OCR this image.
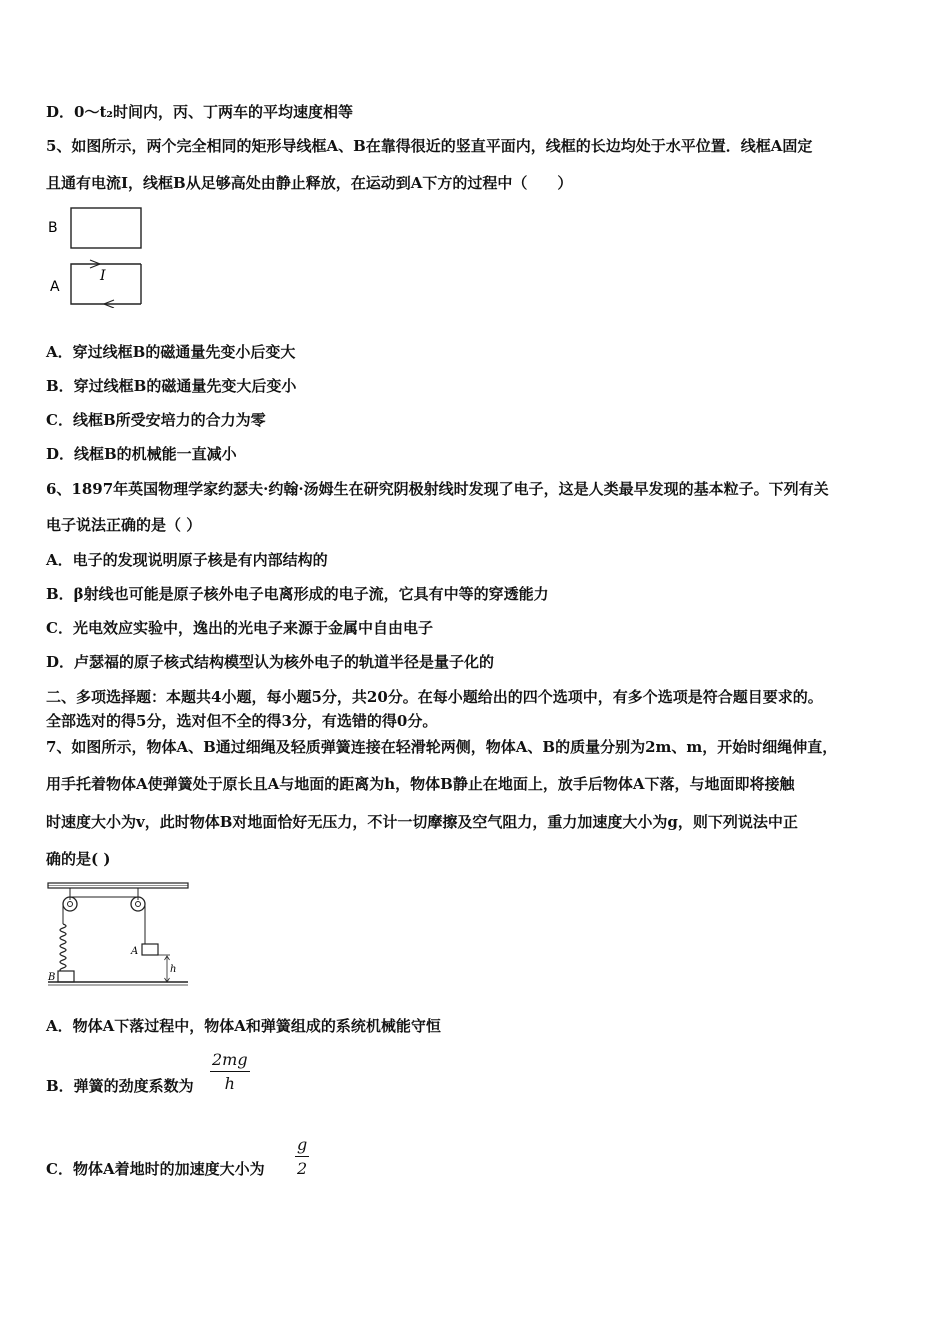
D．0～t₂时间内，丙、丁两车的平均速度相等
5、如图所示，两个完全相同的矩形导线框A、B在靠得很近的竖直平面内，线框的长边均处于水平位置．线框A固定
且通有电流I，线框B从足够高处由静止释放，在运动到A下方的过程中（　　）
B
A
I
A．穿过线框B的磁通量先变小后变大
B．穿过线框B的磁通量先变大后变小
C．线框B所受安培力的合力为零
D．线框B的机械能一直减小
6、1897年英国物理学家约瑟夫·约翰·汤姆生在研究阴极射线时发现了电子，这是人类最早发现的基本粒子。下列有关
电子说法正确的是（ ）
A．电子的发现说明原子核是有内部结构的
B．β射线也可能是原子核外电子电离形成的电子流，它具有中等的穿透能力
C．光电效应实验中，逸出的光电子来源于金属中自由电子
D．卢瑟福的原子核式结构模型认为核外电子的轨道半径是量子化的
二、多项选择题：本题共4小题，每小题5分，共20分。在每小题给出的四个选项中，有多个选项是符合题目要求的。
全部选对的得5分，选对但不全的得3分，有选错的得0分。
7、如图所示，物体A、B通过细绳及轻质弹簧连接在轻滑轮两侧，物体A、B的质量分别为2m、m，开始时细绳伸直，
用手托着物体A使弹簧处于原长且A与地面的距离为h，物体B静止在地面上，放手后物体A下落，与地面即将接触
时速度大小为v，此时物体B对地面恰好无压力，不计一切摩擦及空气阻力，重力加速度大小为g，则下列说法中正
确的是( )
B
A
h
A．物体A下落过程中，物体A和弹簧组成的系统机械能守恒
B．弹簧的劲度系数为
2mg
h
C．物体A着地时的加速度大小为
g
2
